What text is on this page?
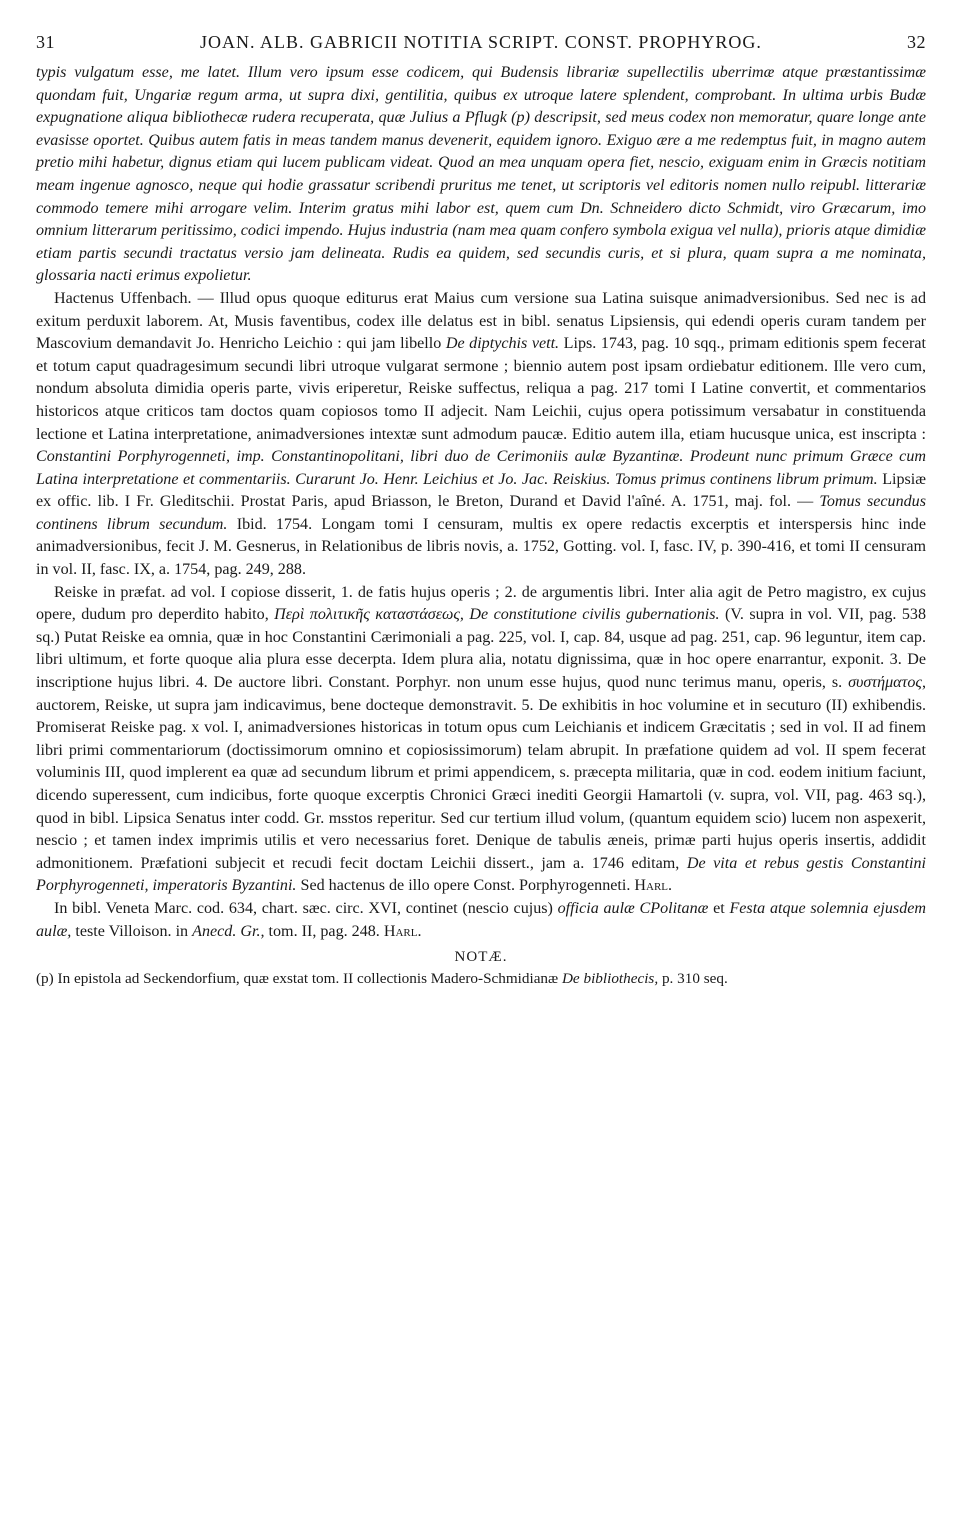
31	JOAN. ALB. GABRICII NOTITIA SCRIPT. CONST. PROPHYROG.	32

typis vulgatum esse, me latet. Illum vero ipsum esse codicem, qui Budensis librariæ supellectilis uberrimæ atque præstantissimæ quondam fuit, Ungariæ regum arma, ut supra dixi, gentilitia, quibus ex utroque latere splendent, comprobant. In ultima urbis Budæ expugnatione aliqua bibliothecæ rudera recuperata, quæ Julius a Pflugk (p) descripsit, sed meus codex non memoratur, quare longe ante evasisse oportet. Quibus autem fatis in meas tandem manus devenerit, equidem ignoro. Exiguo ære a me redemptus fuit, in magno autem pretio mihi habetur, dignus etiam qui lucem publicam videat. Quod an mea unquam opera fiet, nescio, exiguam enim in Græcis notitiam meam ingenue agnosco, neque qui hodie grassatur scribendi pruritus me tenet, ut scriptoris vel editoris nomen nullo reipubl. litterariæ commodo temere mihi arrogare velim. Interim gratus mihi labor est, quem cum Dn. Schneidero dicto Schmidt, viro Græcarum, imo omnium litterarum peritissimo, codici impendo. Hujus industria (nam mea quam confero symbola exigua vel nulla), prioris atque dimidiæ etiam partis secundi tractatus versio jam delineata. Rudis ea quidem, sed secundis curis, et si plura, quam supra a me nominata, glossaria nacti erimus expolietur.

Hactenus Uffenbach. — Illud opus quoque editurus erat Maius cum versione sua Latina suisque animadversionibus. Sed nec is ad exitum perduxit laborem. At, Musis faventibus, codex ille delatus est in bibl. senatus Lipsiensis, qui edendi operis curam tandem per Mascovium demandavit Jo. Henricho Leichio : qui jam libello De diptychis vett. Lips. 1743, pag. 10 sqq., primam editionis spem fecerat et totum caput quadragesimum secundi libri utroque vulgarat sermone ; biennio autem post ipsam ordiebatur editionem. Ille vero cum, nondum absoluta dimidia operis parte, vivis eriperetur, Reiske suffectus, reliqua a pag. 217 tomi I Latine convertit, et commentarios historicos atque criticos tam doctos quam copiosos tomo II adjecit. Nam Leichii, cujus opera potissimum versabatur in constituenda lectione et Latina interpretatione, animadversiones intextæ sunt admodum paucæ. Editio autem illa, etiam hucusque unica, est inscripta : Constantini Porphyrogenneti, imp. Constantinopolitani, libri duo de Cerimoniis aulæ Byzantinæ. Prodeunt nunc primum Græce cum Latina interpretatione et commentariis. Curarunt Jo. Henr. Leichius et Jo. Jac. Reiskius. Tomus primus continens librum primum. Lipsiæ ex offic. lib. I Fr. Gleditschii. Prostat Paris, apud Briasson, le Breton, Durand et David l'aîné. A. 1751, maj. fol. — Tomus secundus continens librum secundum. Ibid. 1754. Longam tomi I censuram, multis ex opere redactis excerptis et interspersis hinc inde animadversionibus, fecit J. M. Gesnerus, in Relationibus de libris novis, a. 1752, Gotting. vol. I, fasc. IV, p. 390-416, et tomi II censuram in vol. II, fasc. IX, a. 1754, pag. 249, 288.

Reiske in præfat. ad vol. I copiose disserit, 1. de fatis hujus operis ; 2. de argumentis libri. Inter alia agit de Petro magistro, ex cujus opere, dudum pro deperdito habito, Περὶ πολιτικῆς καταστάσεως, De constitutione civilis gubernationis. (V. supra in vol. VII, pag. 538 sq.) Putat Reiske ea omnia, quæ in hoc Constantini Cærimoniali a pag. 225, vol. I, cap. 84, usque ad pag. 251, cap. 96 leguntur, item cap. libri ultimum, et forte quoque alia plura esse decerpta. Idem plura alia, notatu dignissima, quæ in hoc opere enarrantur, exponit. 3. De inscriptione hujus libri. 4. De auctore libri. Constant. Porphyr. non unum esse hujus, quod nunc terimus manu, operis, s. συστήματος, auctorem, Reiske, ut supra jam indicavimus, bene docteque demonstravit. 5. De exhibitis in hoc volumine et in secuturo (II) exhibendis. Promiserat Reiske pag. x vol. I, animadversiones historicas in totum opus cum Leichianis et indicem Græcitatis ; sed in vol. II ad finem libri primi commentariorum (doctissimorum omnino et copiosissimorum) telam abrupit. In præfatione quidem ad vol. II spem fecerat voluminis III, quod implerent ea quæ ad secundum librum et primi appendicem, s. præcepta militaria, quæ in cod. eodem initium faciunt, dicendo superessent, cum indicibus, forte quoque excerptis Chronici Græci inediti Georgii Hamartoli (v. supra, vol. VII, pag. 463 sq.), quod in bibl. Lipsica Senatus inter codd. Gr. msstos reperitur. Sed cur tertium illud volum, (quantum equidem scio) lucem non aspexerit, nescio ; et tamen index imprimis utilis et vero necessarius foret. Denique de tabulis æneis, primæ parti hujus operis insertis, addidit admonitionem. Præfationi subjecit et recudi fecit doctam Leichii dissert., jam a. 1746 editam, De vita et rebus gestis Constantini Porphyrogenneti, imperatoris Byzantini. Sed hactenus de illo opere Const. Porphyrogenneti. Harl.

In bibl. Veneta Marc. cod. 634, chart. sæc. circ. XVI, continet (nescio cujus) officia aulæ CPolitanæ et Festa atque solemnia ejusdem aulæ, teste Villoison. in Anecd. Gr., tom. II, pag. 248. Harl.

NOTÆ.
(p) In epistola ad Seckendorfium, quæ exstat tom. II collectionis Madero-Schmidianæ De bibliothecis, p. 310 seq.
